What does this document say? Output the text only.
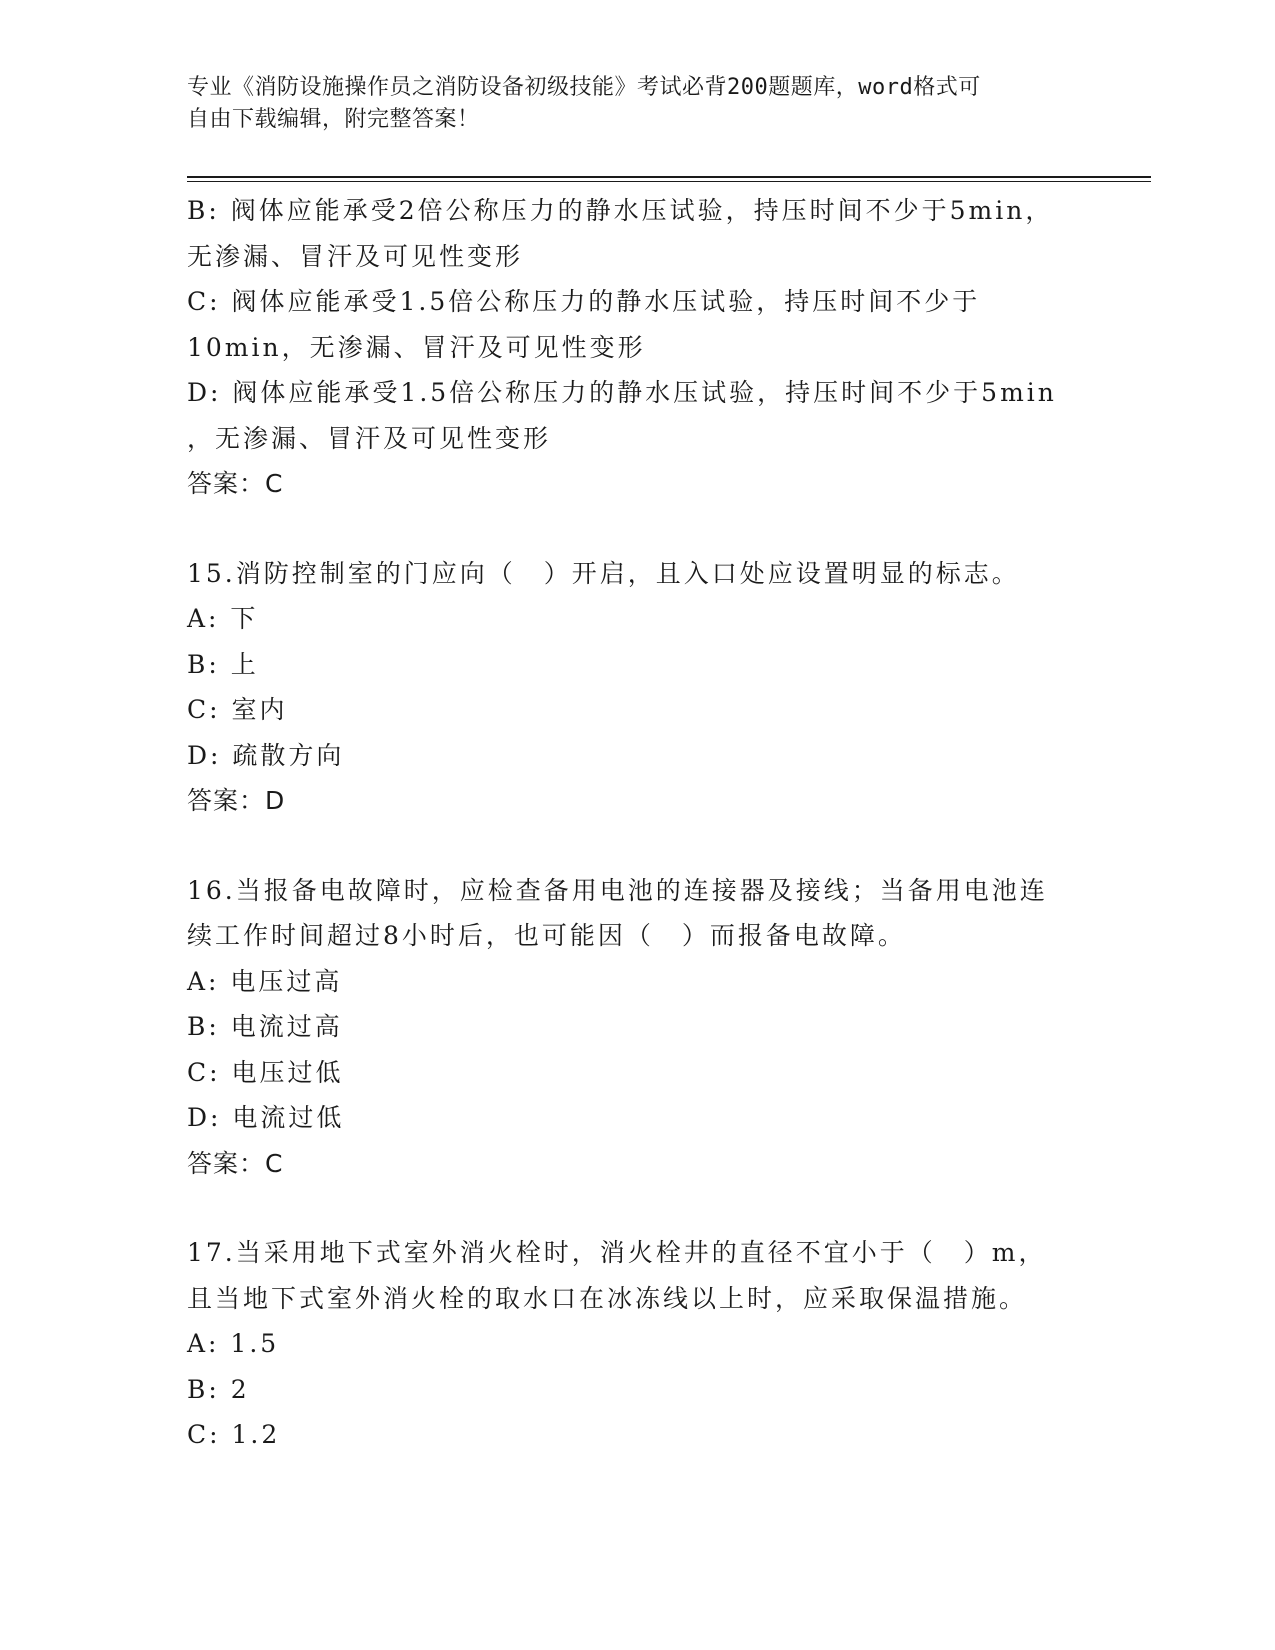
专业《消防设施操作员之消防设备初级技能》考试必背200题题库，word格式可
自由下载编辑，附完整答案！
B: 阀体应能承受2倍公称压力的静水压试验，持压时间不少于5min，
无渗漏、冒汗及可见性变形
C: 阀体应能承受1.5倍公称压力的静水压试验，持压时间不少于
10min，无渗漏、冒汗及可见性变形
D: 阀体应能承受1.5倍公称压力的静水压试验，持压时间不少于5min
，无渗漏、冒汗及可见性变形
答案：C
15.消防控制室的门应向（　）开启，且入口处应设置明显的标志。
A: 下
B: 上
C: 室内
D: 疏散方向
答案：D
16.当报备电故障时，应检查备用电池的连接器及接线；当备用电池连
续工作时间超过8小时后，也可能因（　）而报备电故障。
A: 电压过高
B: 电流过高
C: 电压过低
D: 电流过低
答案：C
17.当采用地下式室外消火栓时，消火栓井的直径不宜小于（　）m，
且当地下式室外消火栓的取水口在冰冻线以上时，应采取保温措施。
A: 1.5
B: 2
C: 1.2
